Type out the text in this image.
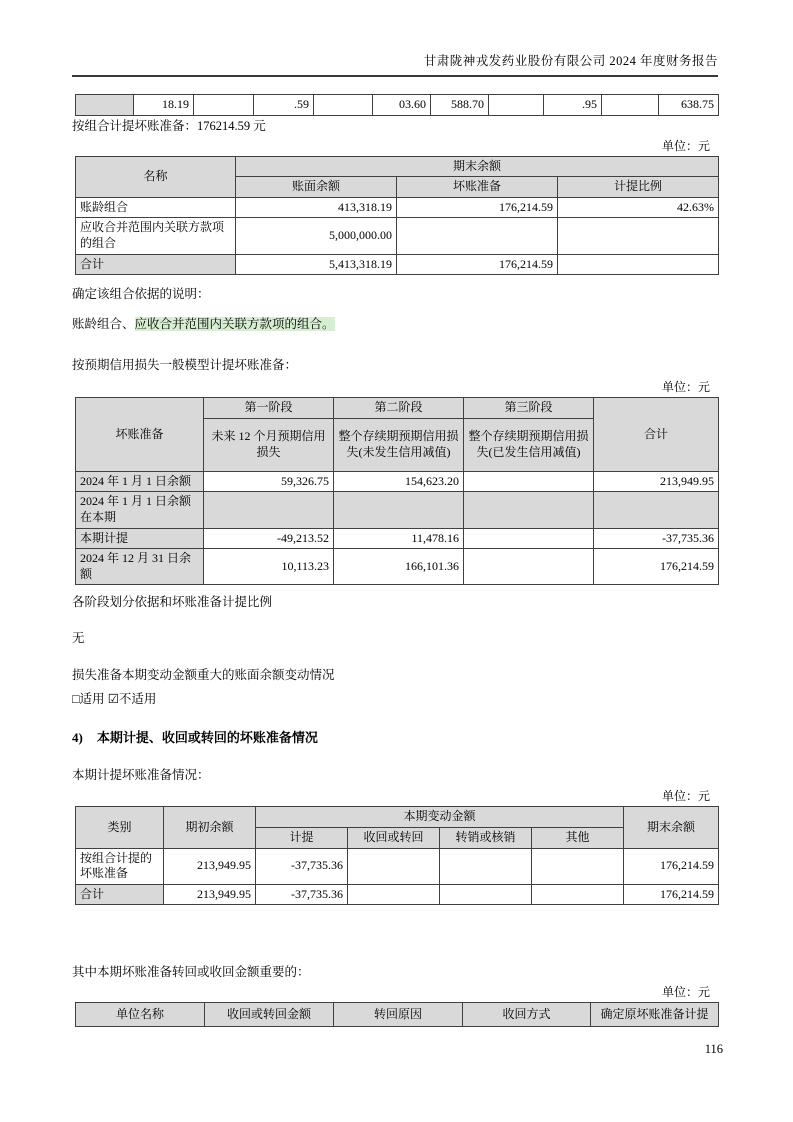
甘肃陇神戎发药业股份有限公司 2024 年度财务报告
	18.19		.59		03.60	588.70		.95		638.75
按组合计提坏账准备：176214.59 元
单位：元
名称	期末余额		
	账面余额	坏账准备	计提比例
账龄组合	413,318.19	176,214.59	42.63%
应收合并范围内关联方款项的组合	5,000,000.00		
合计	5,413,318.19	176,214.59	
确定该组合依据的说明：
账龄组合、应收合并范围内关联方款项的组合。
按预期信用损失一般模型计提坏账准备：
单位：元
坏账准备	第一阶段	第二阶段	第三阶段	合计
	未来 12 个月预期信用损失	整个存续期预期信用损失(未发生信用减值)	整个存续期预期信用损失(已发生信用减值)	
2024 年 1 月 1 日余额	59,326.75	154,623.20		213,949.95
2024 年 1 月 1 日余额在本期				
本期计提	-49,213.52	11,478.16		-37,735.36
2024 年 12 月 31 日余额	10,113.23	166,101.36		176,214.59
各阶段划分依据和坏账准备计提比例
无
损失准备本期变动金额重大的账面余额变动情况
□适用 ☑不适用
4) 本期计提、收回或转回的坏账准备情况
本期计提坏账准备情况：
单位：元
类别	期初余额	本期变动金额				期末余额
		计提	收回或转回	转销或核销	其他	
按组合计提的坏账准备	213,949.95	-37,735.36				176,214.59
合计	213,949.95	-37,735.36				176,214.59
其中本期坏账准备转回或收回金额重要的：
单位：元
单位名称	收回或转回金额	转回原因	收回方式	确定原坏账准备计提
116
